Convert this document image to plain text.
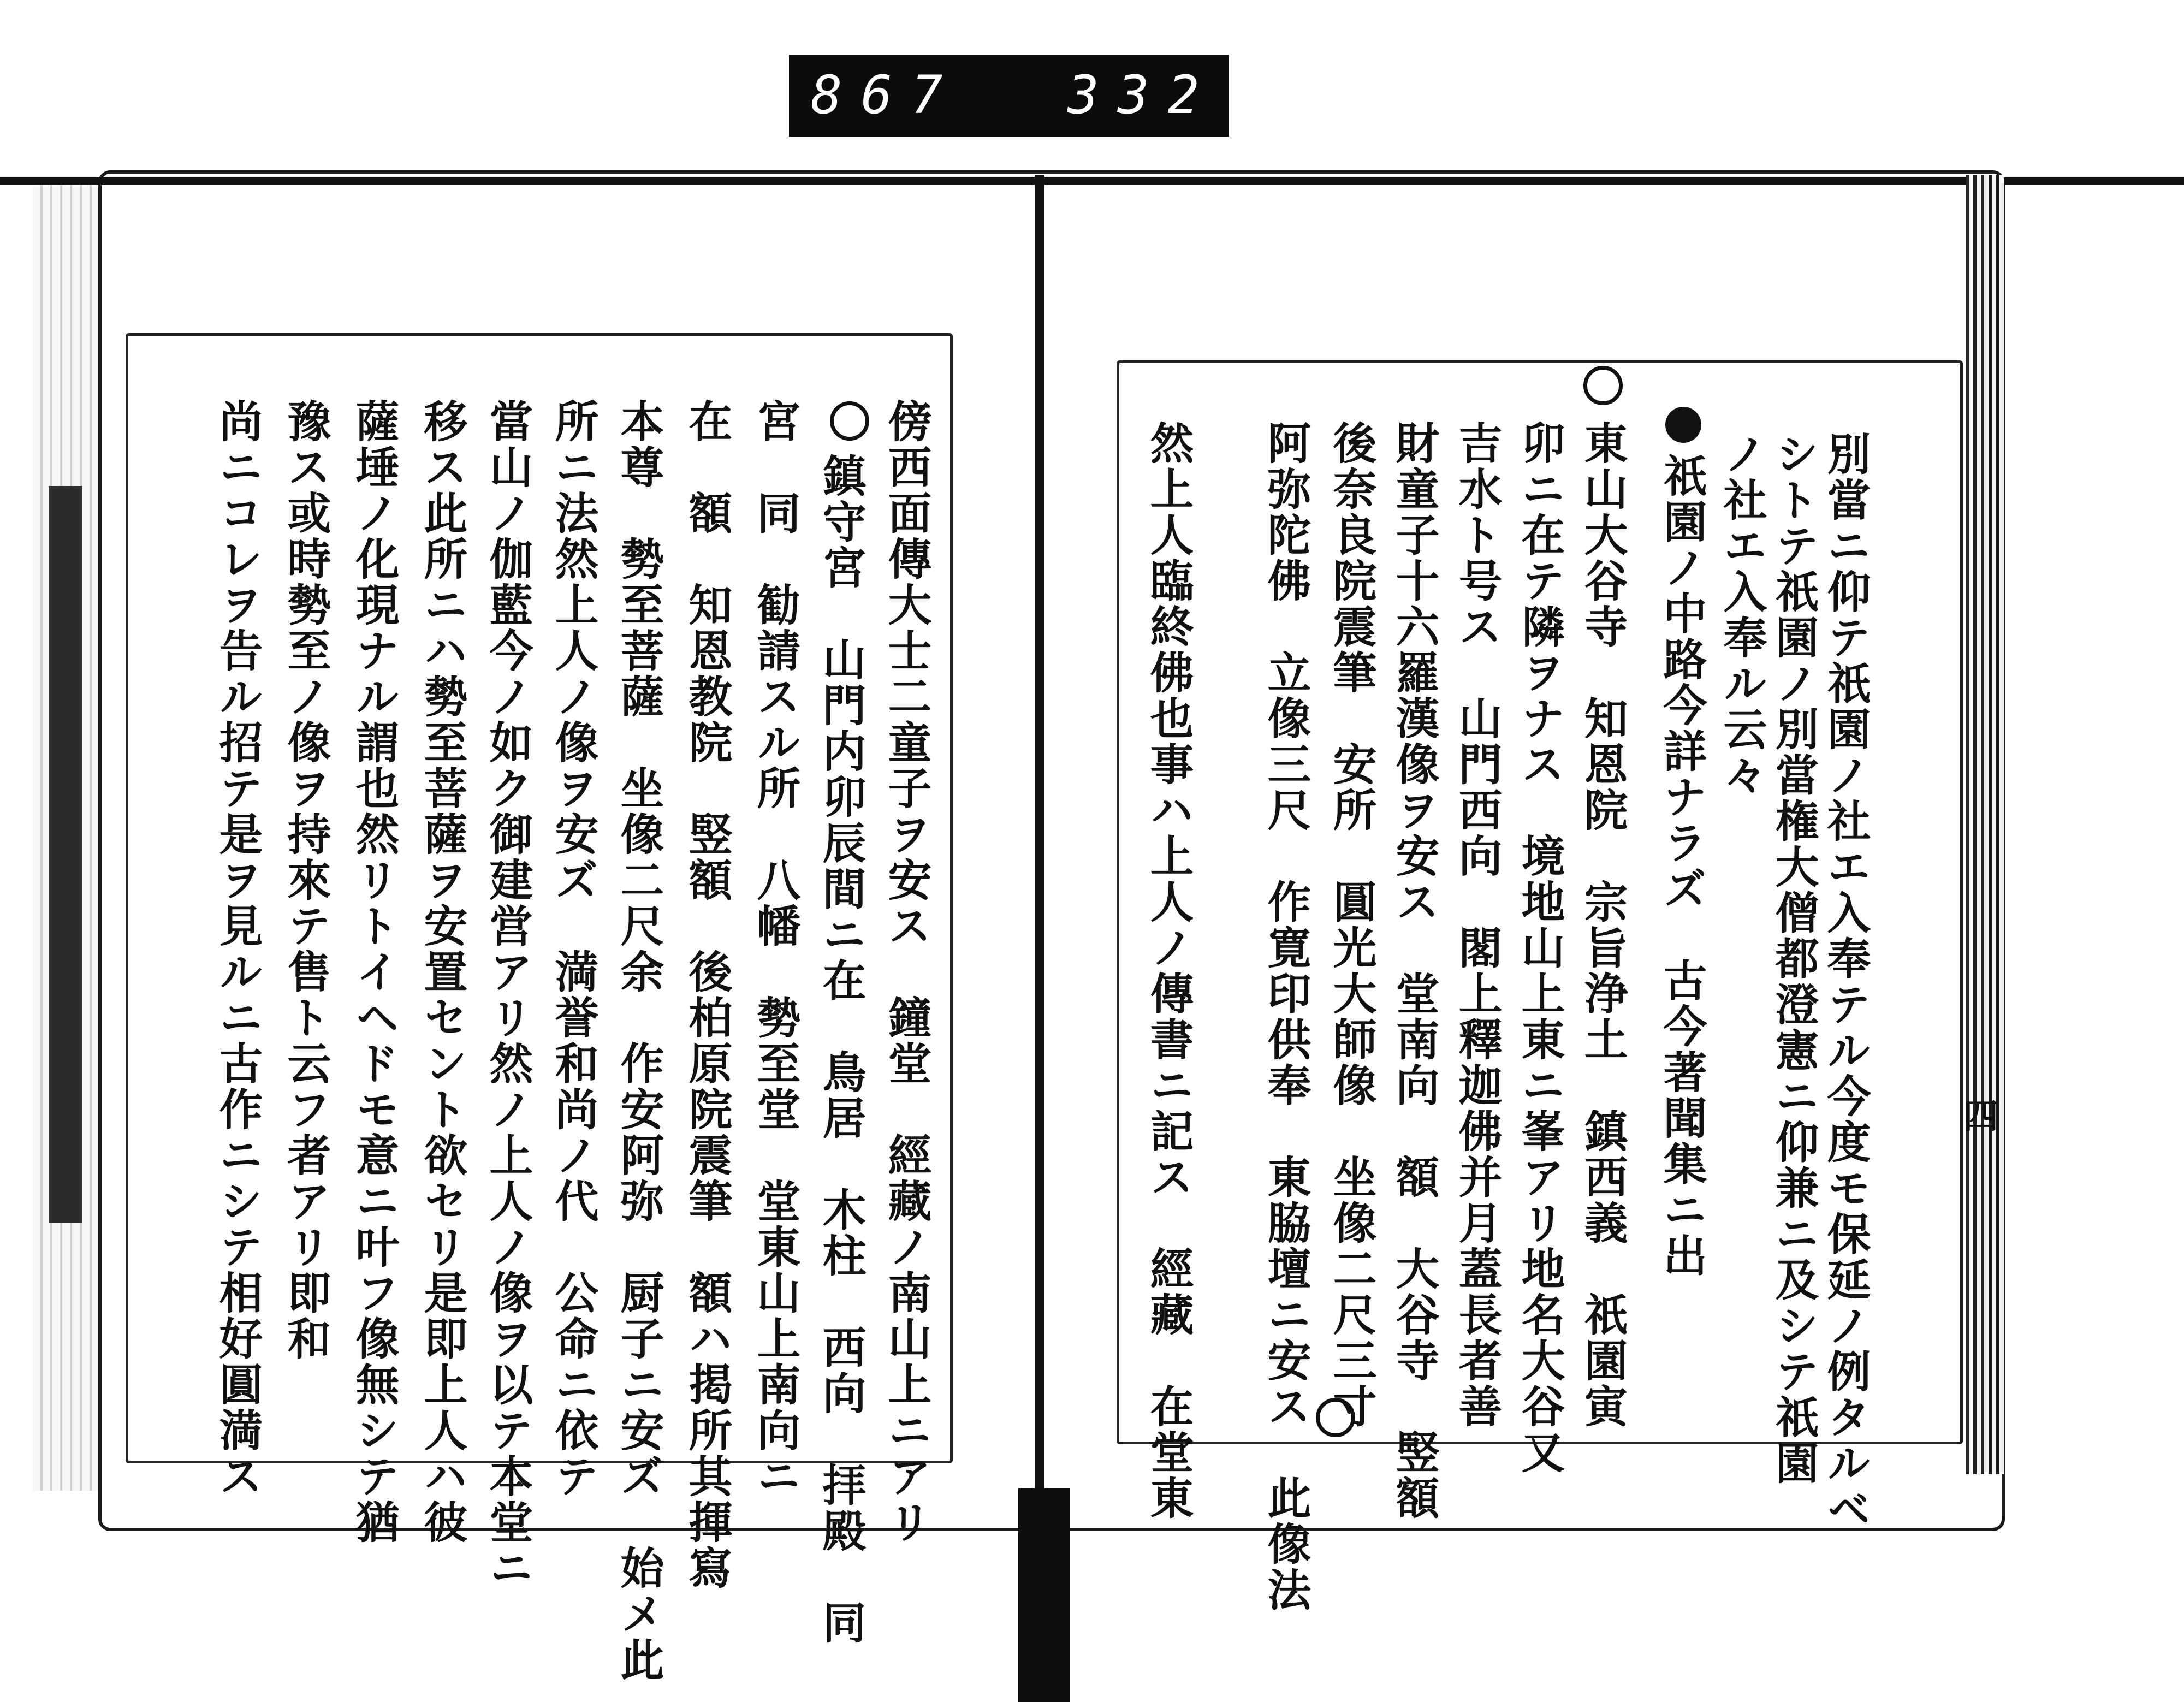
867 332
別當ニ仰テ祇園ノ社エ入奉テル今度モ保延ノ例タルベ
シトテ祇園ノ別當権大僧都澄憲ニ仰兼ニ及シテ祇園
ノ社エ入奉ル云々
祇園ノ中路今詳ナラズ　古今著聞集ニ出
東山大谷寺　知恩院　宗旨浄土　鎮西義　祇園寅
卯ニ在テ隣ヲナス　境地山上東ニ峯アリ地名大谷又
吉水ト号ス　山門西向　閣上釋迦佛并月蓋長者善
財童子十六羅漢像ヲ安ス　堂南向　額　大谷寺　竪額
後奈良院震筆　安所　圓光大師像　坐像二尺三寸
阿弥陀佛　立像三尺　作寛印供奉　東脇壇ニ安ス　此像法
然上人臨終佛也事ハ上人ノ傳書ニ記ス　經藏　在堂東
傍西面傳大士二童子ヲ安ス　鐘堂　經藏ノ南山上ニアリ
鎮守宮　山門内卯辰間ニ在　鳥居　木柱　西向　拝殿　同
宮　同　勧請スル所　八幡　勢至堂　堂東山上南向ニ
在　額　知恩教院　竪額　後柏原院震筆　額ハ掲所其揮寫
本尊　勢至菩薩　坐像二尺余　作安阿弥　厨子ニ安ズ　始メ此
所ニ法然上人ノ像ヲ安ズ　満誉和尚ノ代　公命ニ依テ
當山ノ伽藍今ノ如ク御建営アリ然ノ上人ノ像ヲ以テ本堂ニ
移ス此所ニハ勢至菩薩ヲ安置セント欲セリ是即上人ハ彼
薩埵ノ化現ナル謂也然リトイヘドモ意ニ叶フ像無シテ猶
豫ス或時勢至ノ像ヲ持來テ售ト云フ者アリ即和
尚ニコレヲ告ル招テ是ヲ見ルニ古作ニシテ相好圓満ス	四
